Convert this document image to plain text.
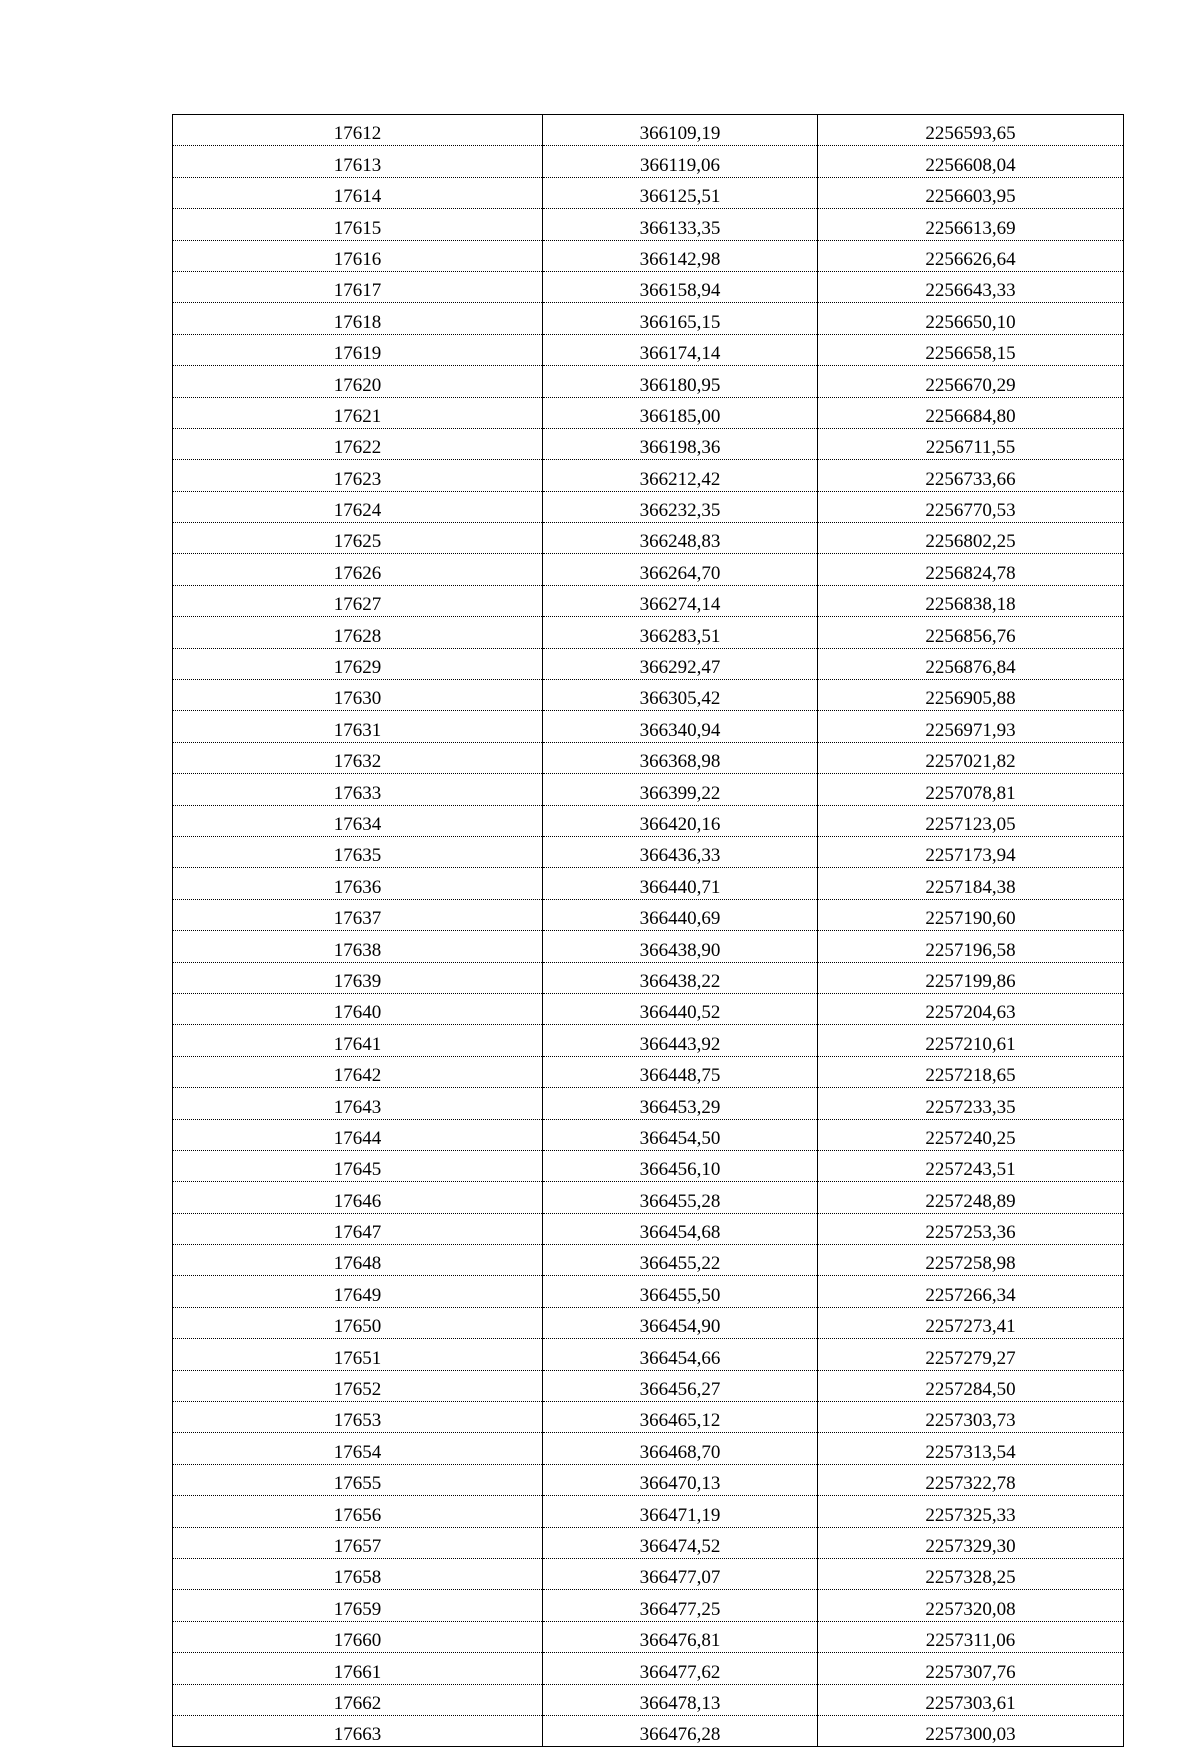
17612	366109,19	2256593,65
17613	366119,06	2256608,04
17614	366125,51	2256603,95
17615	366133,35	2256613,69
17616	366142,98	2256626,64
17617	366158,94	2256643,33
17618	366165,15	2256650,10
17619	366174,14	2256658,15
17620	366180,95	2256670,29
17621	366185,00	2256684,80
17622	366198,36	2256711,55
17623	366212,42	2256733,66
17624	366232,35	2256770,53
17625	366248,83	2256802,25
17626	366264,70	2256824,78
17627	366274,14	2256838,18
17628	366283,51	2256856,76
17629	366292,47	2256876,84
17630	366305,42	2256905,88
17631	366340,94	2256971,93
17632	366368,98	2257021,82
17633	366399,22	2257078,81
17634	366420,16	2257123,05
17635	366436,33	2257173,94
17636	366440,71	2257184,38
17637	366440,69	2257190,60
17638	366438,90	2257196,58
17639	366438,22	2257199,86
17640	366440,52	2257204,63
17641	366443,92	2257210,61
17642	366448,75	2257218,65
17643	366453,29	2257233,35
17644	366454,50	2257240,25
17645	366456,10	2257243,51
17646	366455,28	2257248,89
17647	366454,68	2257253,36
17648	366455,22	2257258,98
17649	366455,50	2257266,34
17650	366454,90	2257273,41
17651	366454,66	2257279,27
17652	366456,27	2257284,50
17653	366465,12	2257303,73
17654	366468,70	2257313,54
17655	366470,13	2257322,78
17656	366471,19	2257325,33
17657	366474,52	2257329,30
17658	366477,07	2257328,25
17659	366477,25	2257320,08
17660	366476,81	2257311,06
17661	366477,62	2257307,76
17662	366478,13	2257303,61
17663	366476,28	2257300,03
